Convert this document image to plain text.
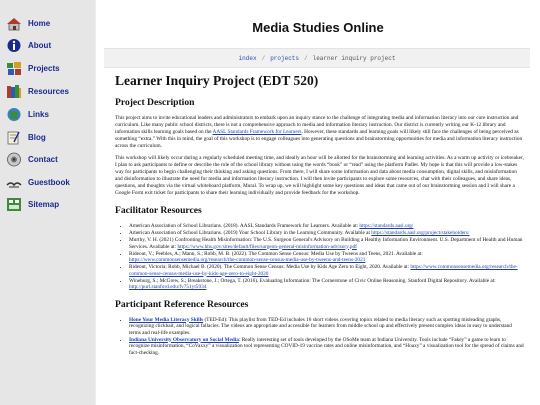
Home
About
Projects
Resources
Links
Blog
Contact
Guestbook
Sitemap
Media Studies Online
index / projects / learner inquiry project
Learner Inquiry Project (EDT 520)
Project Description

This project aims to invite educational leaders and administrators to embark upon an inquiry stance to the challenge of integrating media and information literacy into our core instruction and curriculum. Like many public school districts, there is not a comprehensive approach to media and information literacy instruction. Our district is currently writing our K-12 library and information skills learning goals based on the AASL Standards Framework for Learners. However, these standards and learning goals will likely still face the challenges of being perceived as something “extra.” With this in mind, the goal of this workshop is to engage colleagues into generating questions and brainstorming opportunities for media and information literacy instruction across the curriculum.

This workshop will likely occur during a regularly scheduled meeting time, and ideally an hour will be allotted for the brainstorming and learning activities. As a warm up activity or icebreaker, I plan to ask participants to define or describe the role of the school library without using the words “book” or “read” using the platform Padlet. My hope is that this will provide a low-stakes way for participants to begin challenging their thinking and asking questions. From there, I will share some information and data about media consumption, digital skills, and misinformation and disinformation to illustrate the need for media and information literacy instruction. I will then invite participants to explore some resources, chat with their colleagues, and share ideas, questions, and thoughts via the virtual whiteboard platform, Mural. To wrap up, we will highlight some key questions and ideas that came out of our brainstorming session and I will share a Google Form exit ticket for participants to share their learning individually and provide feedback for the workshop.

Facilitator Resources
• American Association of School Librarians. (2018). AASL Standards Framework for Learners. Available at: https://standards.aasl.org/
• American Association of School Librarians. (2019) Your School Library in the Learning Community. Available at https://standards.aasl.org/project/stakeholders/
• Murthy, V. H. (2021) Confronting Health Misinformation: The U.S. Surgeon General's Advisory on Building a Healthy Information Environment. U.S. Department of Health and Human Services. Available at: https://www.hhs.gov/sites/default/files/surgeon-general-misinformation-advisory.pdf
• Rideout, V.; Peebles, A.; Mann, S.; Robb, M. B. (2022). The Common Sense Census: Media Use by Tweens and Teens, 2021. Available at: https://www.commonsensemedia.org/research/the-common-sense-census-media-use-by-tweens-and-teens-2021
• Rideout, Victoria; Robb, Michael B. (2020). The Common Sense Census: Media Use by Kids Age Zero to Eight, 2020. Available at: https://www.commonsensemedia.org/research/the-common-sense-census-media-use-by-kids-age-zero-to-eight-2020
• Wineburg, S.; McGrew, S.; Breakstone, J.; Ortega, T. (2016). Evaluating Information: The Cornerstone of Civic Online Reasoning. Stanford Digital Repository. Available at: http://purl.stanford.edu/fv751yt5934
Participant Reference Resources
• Hone Your Media Literacy Skills (TED-Ed): This playlist from TED-Ed includes 16 short videos covering topics related to media literacy such as spotting misleading graphs, recognizing clickbait, and logical fallacies. The videos are appropriate and accessible for learners from middle school up and effectively present complex ideas in easy to understand terms and real-life examples.
• Indiana University Observatory on Social Media: Really interesting set of tools developed by the OSoMe team at Indiana University. Tools include “Fakey” a game to learn to recognize misinformation, “CoVaxxy” a visualization tool representing COVID-19 vaccine rates and online misinformation, and “Hoaxy” a visualization tool for the spread of claims and fact-checking.
